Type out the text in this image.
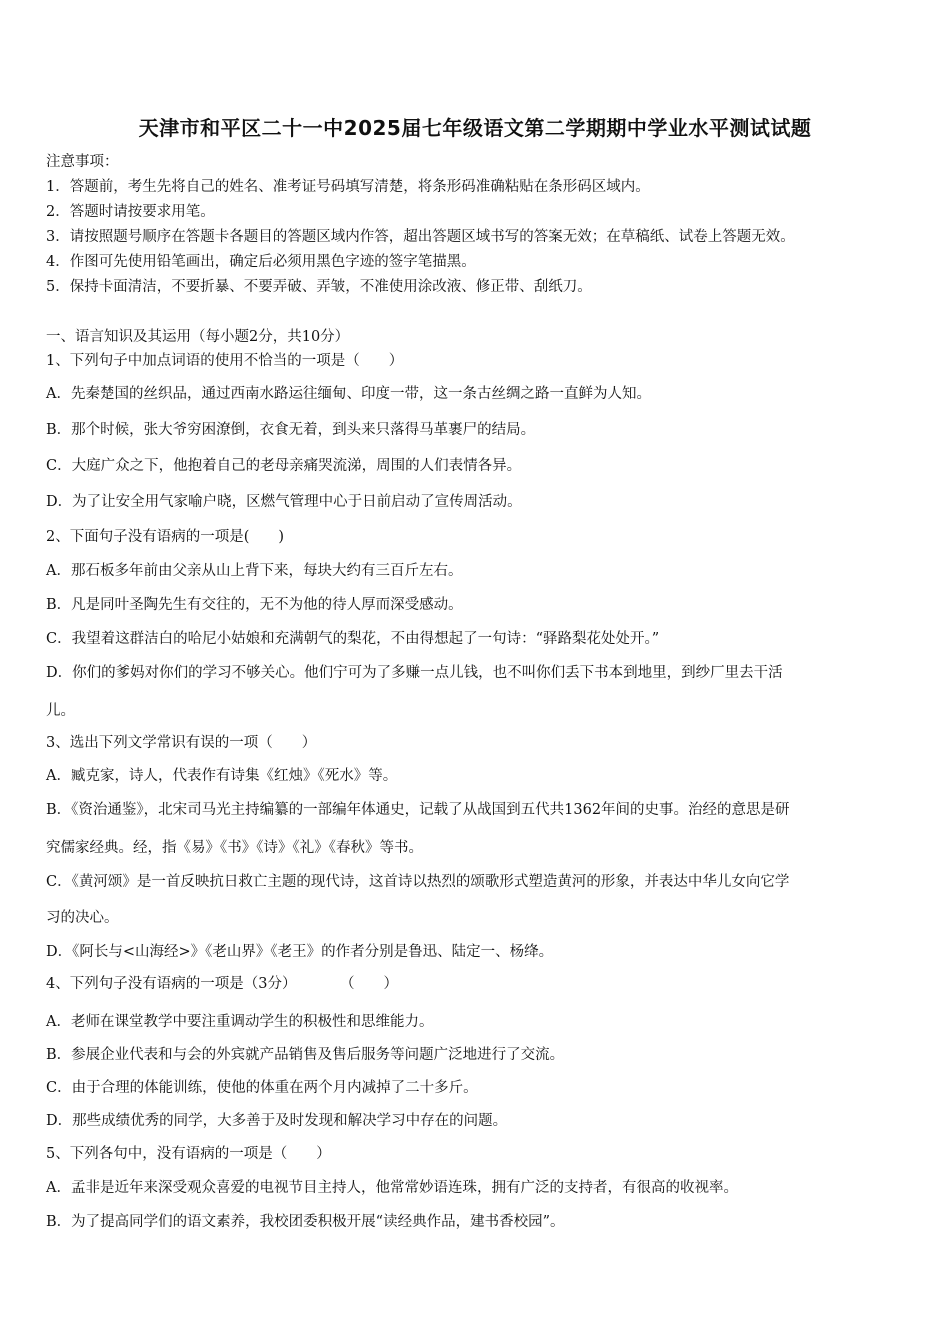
天津市和平区二十一中2025届七年级语文第二学期期中学业水平测试试题
注意事项：
1．答题前，考生先将自己的姓名、准考证号码填写清楚，将条形码准确粘贴在条形码区域内。
2．答题时请按要求用笔。
3．请按照题号顺序在答题卡各题目的答题区域内作答，超出答题区域书写的答案无效；在草稿纸、试卷上答题无效。
4．作图可先使用铅笔画出，确定后必须用黑色字迹的签字笔描黑。
5．保持卡面清洁，不要折暴、不要弄破、弄皱，不准使用涂改液、修正带、刮纸刀。
一、语言知识及其运用（每小题2分，共10分）
1、下列句子中加点词语的使用不恰当的一项是（　　）
A．先秦楚国的丝织品，通过西南水路运往缅甸、印度一带，这一条古丝绸之路一直鲜为人知。
B．那个时候，张大爷穷困潦倒，衣食无着，到头来只落得马革裹尸的结局。
C．大庭广众之下，他抱着自己的老母亲痛哭流涕，周围的人们表情各异。
D．为了让安全用气家喻户晓，区燃气管理中心于日前启动了宣传周活动。
2、下面句子没有语病的一项是(　　)
A．那石板多年前由父亲从山上背下来，每块大约有三百斤左右。
B．凡是同叶圣陶先生有交往的，无不为他的待人厚而深受感动。
C．我望着这群洁白的哈尼小姑娘和充满朝气的梨花，不由得想起了一句诗：“驿路梨花处处开。”
D．你们的爹妈对你们的学习不够关心。他们宁可为了多赚一点儿钱，也不叫你们丢下书本到地里，到纱厂里去干活
儿。
3、选出下列文学常识有误的一项（　　）
A．臧克家，诗人，代表作有诗集《红烛》《死水》等。
B．《资治通鉴》，北宋司马光主持编纂的一部编年体通史，记载了从战国到五代共1362年间的史事。治经的意思是研
究儒家经典。经，指《易》《书》《诗》《礼》《春秋》等书。
C．《黄河颂》是一首反映抗日救亡主题的现代诗，这首诗以热烈的颂歌形式塑造黄河的形象，并表达中华儿女向它学
习的决心。
D．《阿长与<山海经>》《老山界》《老王》的作者分别是鲁迅、陆定一、杨绛。
4、下列句子没有语病的一项是（3分）　　　　（　　）
A．老师在课堂教学中要注重调动学生的积极性和思维能力。
B．参展企业代表和与会的外宾就产品销售及售后服务等问题广泛地进行了交流。
C．由于合理的体能训练，使他的体重在两个月内减掉了二十多斤。
D．那些成绩优秀的同学，大多善于及时发现和解决学习中存在的问题。
5、下列各句中，没有语病的一项是（　　）
A．孟非是近年来深受观众喜爱的电视节目主持人，他常常妙语连珠，拥有广泛的支持者，有很高的收视率。
B．为了提高同学们的语文素养，我校团委积极开展“读经典作品，建书香校园”。
